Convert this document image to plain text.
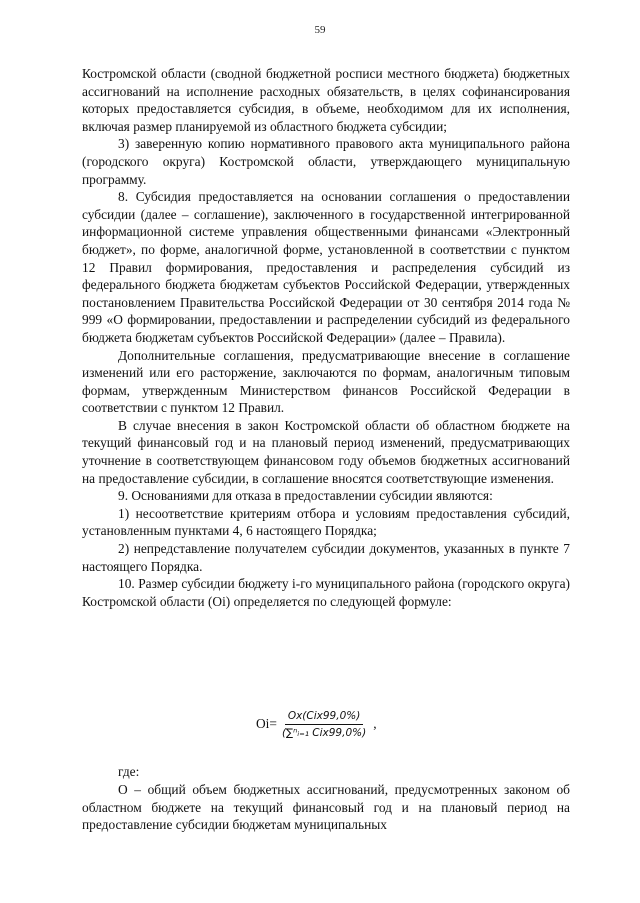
59

Костромской области (сводной бюджетной росписи местного бюджета) бюджетных ассигнований на исполнение расходных обязательств, в целях софинансирования которых предоставляется субсидия, в объеме, необходимом для их исполнения, включая размер планируемой из областного бюджета субсидии;

3) заверенную копию нормативного правового акта муниципального района (городского округа) Костромской области, утверждающего муниципальную программу.

8. Субсидия предоставляется на основании соглашения о предоставлении субсидии (далее – соглашение), заключенного в государственной интегрированной информационной системе управления общественными финансами «Электронный бюджет», по форме, аналогичной форме, установленной в соответствии с пунктом 12 Правил формирования, предоставления и распределения субсидий из федерального бюджета бюджетам субъектов Российской Федерации, утвержденных постановлением Правительства Российской Федерации от 30 сентября 2014 года № 999 «О формировании, предоставлении и распределении субсидий из федерального бюджета бюджетам субъектов Российской Федерации» (далее – Правила).

Дополнительные соглашения, предусматривающие внесение в соглашение изменений или его расторжение, заключаются по формам, аналогичным типовым формам, утвержденным Министерством финансов Российской Федерации в соответствии с пунктом 12 Правил.

В случае внесения в закон Костромской области об областном бюджете на текущий финансовый год и на плановый период изменений, предусматривающих уточнение в соответствующем финансовом году объемов бюджетных ассигнований на предоставление субсидии, в соглашение вносятся соответствующие изменения.

9. Основаниями для отказа в предоставлении субсидии являются:

1) несоответствие критериям отбора и условиям предоставления субсидий, установленным пунктами 4, 6 настоящего Порядка;

2) непредставление получателем субсидии документов, указанных в пункте 7 настоящего Порядка.

10. Размер субсидии бюджету i-го муниципального района (городского округа) Костромской области (Oi) определяется по следующей формуле:

$Oi= \frac{\text{Ox(Cix99,0\%)}}{\text{(∑ⁿᵢ₌₁ Cix99,0\%)}}$ ,
где:

O – общий объем бюджетных ассигнований, предусмотренных законом об областном бюджете на текущий финансовый год и на плановый период на предоставление субсидии бюджетам муниципальных
